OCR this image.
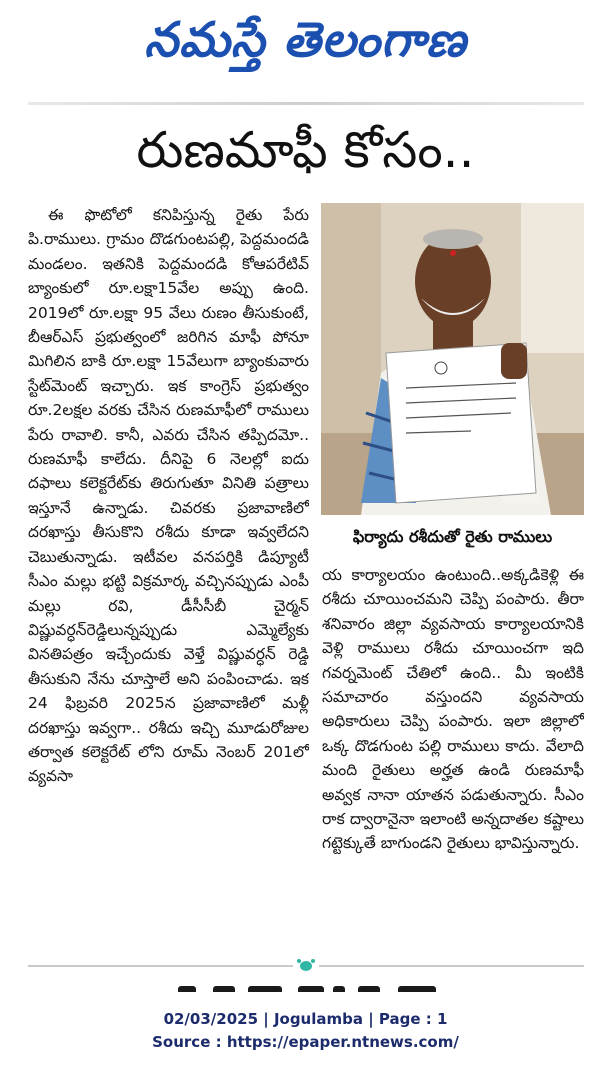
నమస్తే తెలంగాణ
రుణమాఫీ కోసం..

ఈ ఫొటోలో కనిపిస్తున్న రైతు పేరు పి.రాములు. గ్రామం దొడగుంటపల్లి, పెద్దమందడి మండలం. ఇతనికి పెద్దమందడి కోఆపరేటివ్ బ్యాంకులో రూ.లక్షా15వేల అప్పు ఉంది. 2019లో రూ.లక్షా 95 వేలు రుణం తీసుకుంటే, బీఆర్ఎస్ ప్రభుత్వంలో జరిగిన మాఫీ పోనూ మిగిలిన బాకి రూ.లక్షా 15వేలుగా బ్యాంకువారు స్టేట్‌మెంట్ ఇచ్చారు. ఇక కాంగ్రెస్ ప్రభుత్వం రూ.2లక్షల వరకు చేసిన రుణమాఫీలో రాములు పేరు రావాలి. కానీ, ఎవరు చేసిన తప్పిదమో.. రుణమాఫీ కాలేదు. దీనిపై 6 నెలల్లో ఐదు దఫాలు కలెక్టరేట్‌కు తిరుగుతూ వినితి పత్రాలు ఇస్తూనే ఉన్నాడు. చివరకు ప్రజావాణిలో దరఖాస్తు తీసుకొని రశీదు కూడా ఇవ్వలేదని చెబుతున్నాడు. ఇటీవల వనపర్తికి డిప్యూటీ సీఎం మల్లు భట్టి విక్రమార్క వచ్చినప్పుడు ఎంపీ మల్లు రవి, డీసీసీబీ చైర్మన్ విష్ణువర్ధన్‌రెడ్డిలున్నప్పుడు ఎమ్మెల్యేకు వినతిపత్రం ఇచ్చేందుకు వెళ్తే విష్ణువర్ధన్ రెడ్డి తీసుకుని నేను చూస్తాలే అని పంపించాడు. ఇక 24 ఫిబ్రవరి 2025న ప్రజావాణిలో మళ్లీ దరఖాస్తు ఇవ్వగా.. రశీదు ఇచ్చి మూడురోజుల తర్వాత కలెక్టరేట్ లోని రూమ్ నెంబర్ 201లో వ్యవసా

ఫిర్యాదు రశీదుతో రైతు రాములు

య కార్యాలయం ఉంటుంది..అక్కడికెళ్లి ఈ రశీదు చూయించమని చెప్పి పంపారు. తీరా శనివారం జిల్లా వ్యవసాయ కార్యాలయానికి వెళ్లి రాములు రశీదు చూయించగా ఇది గవర్నమెంట్ చేతిలో ఉంది.. మీ ఇంటికి సమాచారం వస్తుందని వ్యవసాయ అధికారులు చెప్పి పంపారు. ఇలా జిల్లాలో ఒక్క దొడగుంట పల్లి రాములు కాదు. వేలాది మంది రైతులు అర్హత ఉండి రుణమాఫీ అవ్వక నానా యాతన పడుతున్నారు. సీఎం రాక ద్వారానైనా ఇలాంటి అన్నదాతల కష్టాలు గట్టెక్కుతే బాగుండని రైతులు భావిస్తున్నారు.

02/03/2025 | Jogulamba | Page : 1
Source : https://epaper.ntnews.com/
